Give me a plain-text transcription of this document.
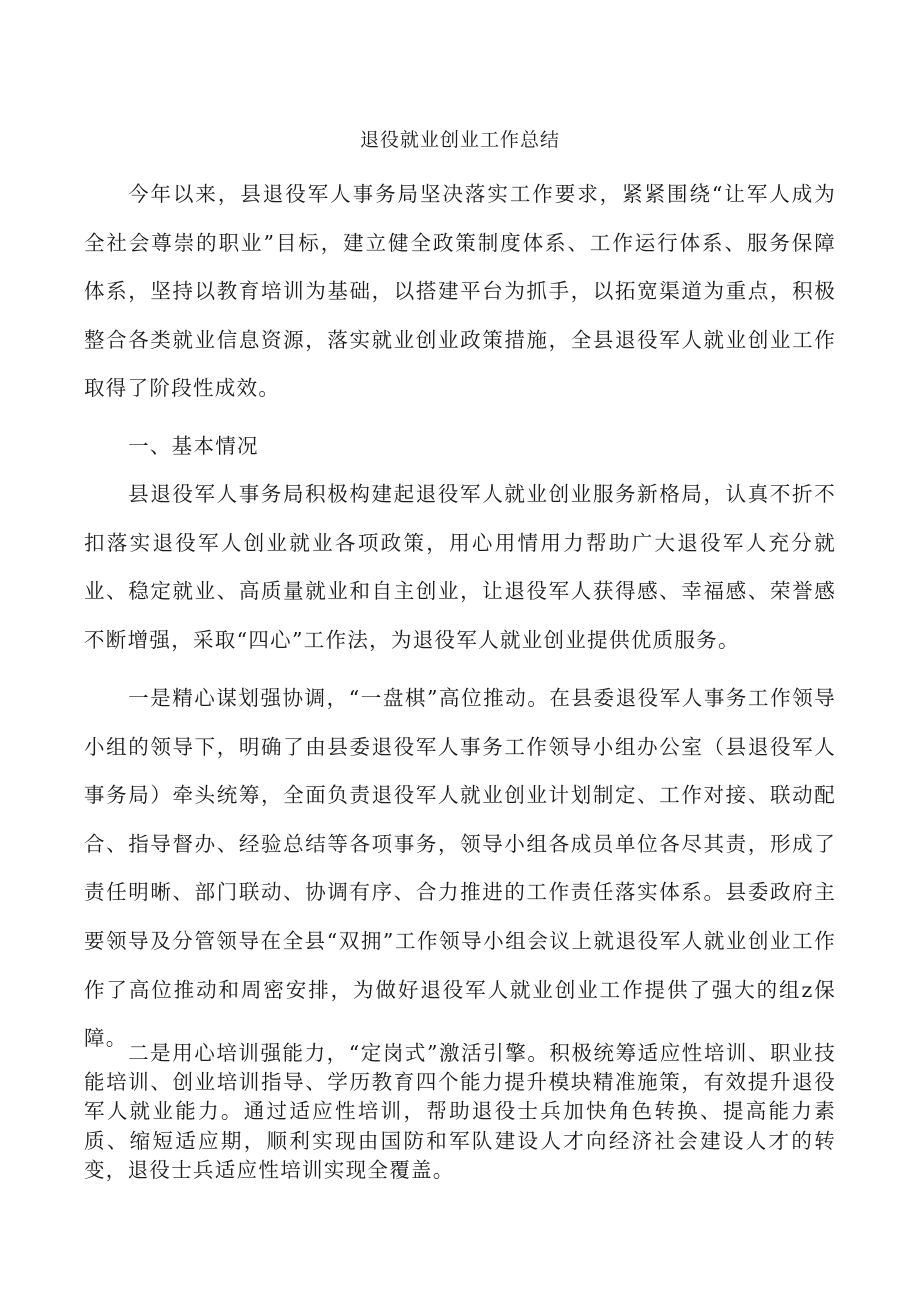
退役就业创业工作总结

今年以来，县退役军人事务局坚决落实工作要求，紧紧围绕“让军人成为全社会尊崇的职业”目标，建立健全政策制度体系、工作运行体系、服务保障体系，坚持以教育培训为基础，以搭建平台为抓手，以拓宽渠道为重点，积极整合各类就业信息资源，落实就业创业政策措施，全县退役军人就业创业工作取得了阶段性成效。

一、基本情况

县退役军人事务局积极构建起退役军人就业创业服务新格局，认真不折不扣落实退役军人创业就业各项政策，用心用情用力帮助广大退役军人充分就业、稳定就业、高质量就业和自主创业，让退役军人获得感、幸福感、荣誉感不断增强，采取“四心”工作法，为退役军人就业创业提供优质服务。

一是精心谋划强协调，“一盘棋”高位推动。在县委退役军人事务工作领导小组的领导下，明确了由县委退役军人事务工作领导小组办公室（县退役军人事务局）牵头统筹，全面负责退役军人就业创业计划制定、工作对接、联动配合、指导督办、经验总结等各项事务，领导小组各成员单位各尽其责，形成了责任明晰、部门联动、协调有序、合力推进的工作责任落实体系。县委政府主要领导及分管领导在全县“双拥”工作领导小组会议上就退役军人就业创业工作作了高位推动和周密安排，为做好退役军人就业创业工作提供了强大的组z保障。

二是用心培训强能力，“定岗式”激活引擎。积极统筹适应性培训、职业技能培训、创业培训指导、学历教育四个能力提升模块精准施策，有效提升退役军人就业能力。通过适应性培训，帮助退役士兵加快角色转换、提高能力素质、缩短适应期，顺利实现由国防和军队建设人才向经济社会建设人才的转变，退役士兵适应性培训实现全覆盖。
